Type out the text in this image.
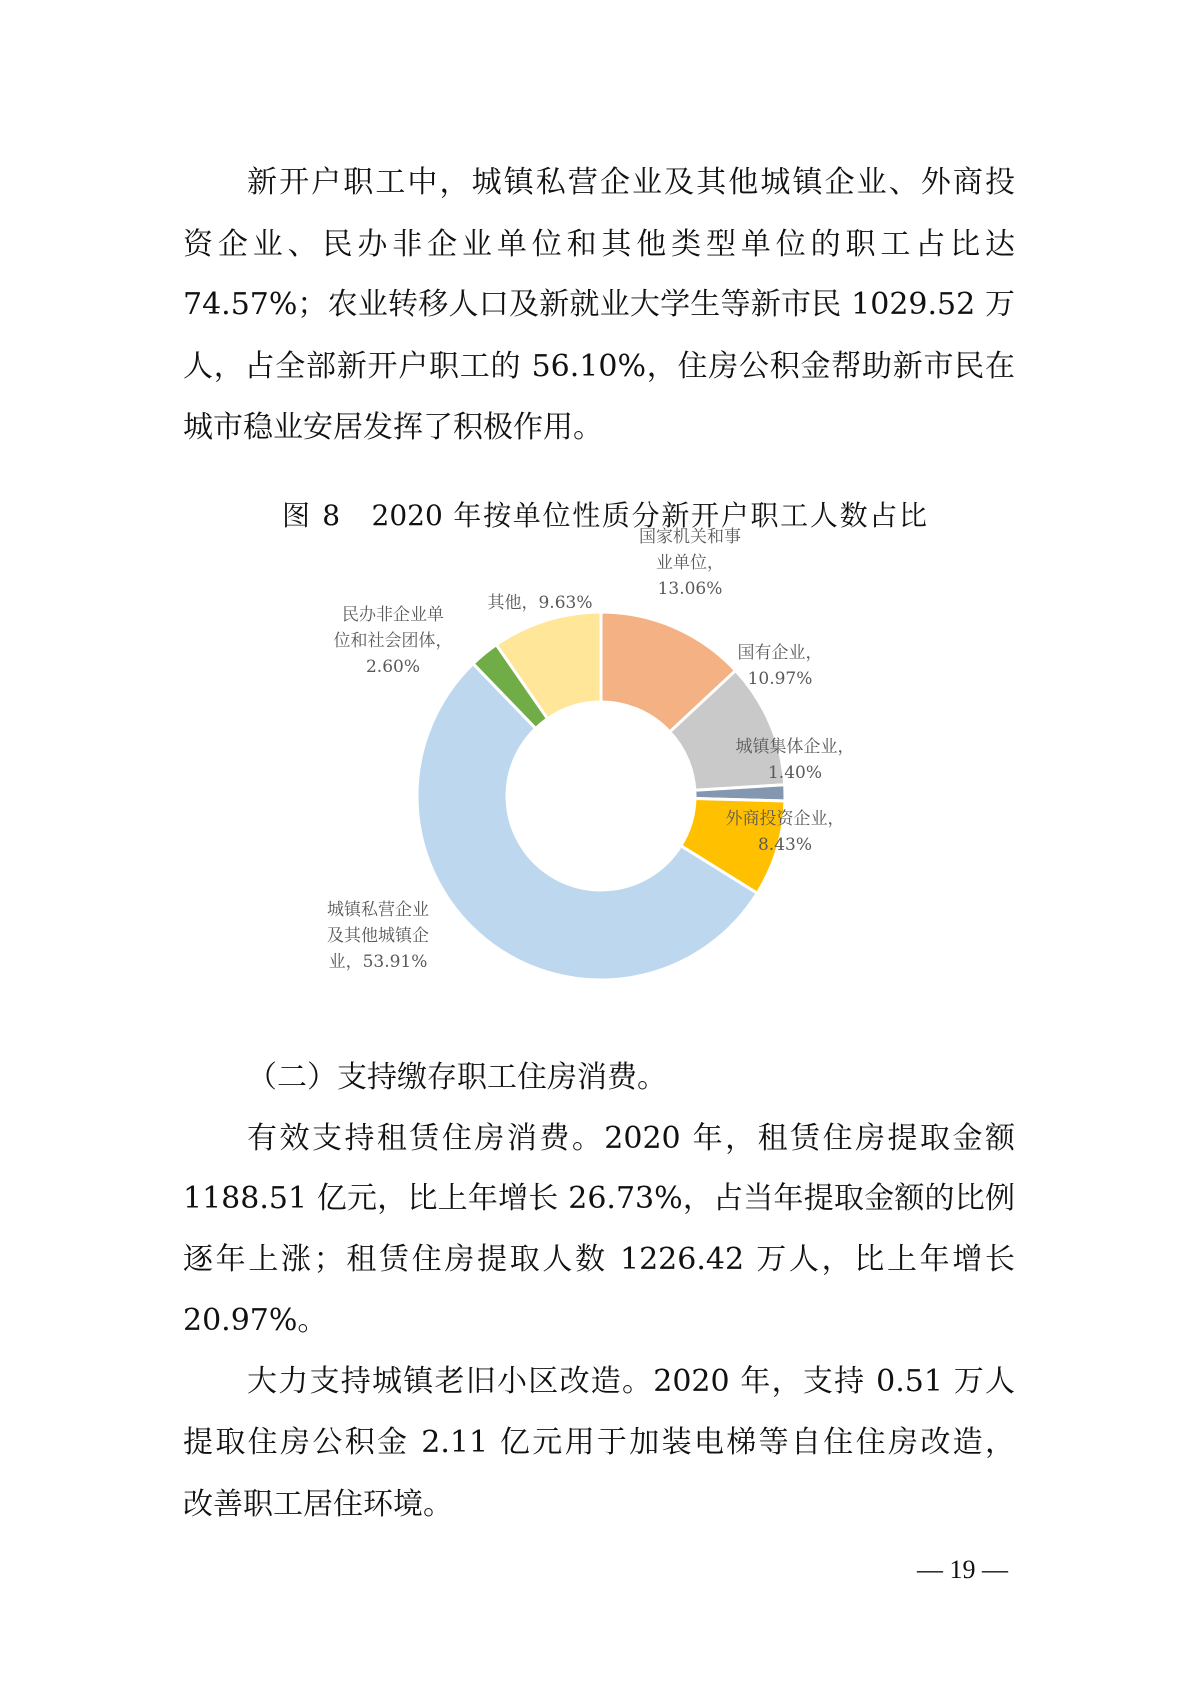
新开户职工中，城镇私营企业及其他城镇企业、外商投
资企业、民办非企业单位和其他类型单位的职工占比达
74.57%；农业转移人口及新就业大学生等新市民 1029.52 万
人，占全部新开户职工的 56.10%，住房公积金帮助新市民在
城市稳业安居发挥了积极作用。
图 8　2020 年按单位性质分新开户职工人数占比
国家机关和事
业单位，
13.06%
国有企业，
10.97%
城镇集体企业，
1.40%
外商投资企业，
8.43%
城镇私营企业
及其他城镇企
业，53.91%
民办非企业单
位和社会团体，
2.60%
其他，9.63%
（二）支持缴存职工住房消费。
有效支持租赁住房消费。2020 年，租赁住房提取金额
1188.51 亿元，比上年增长 26.73%，占当年提取金额的比例
逐年上涨；租赁住房提取人数 1226.42 万人，比上年增长
20.97%。
大力支持城镇老旧小区改造。2020 年，支持 0.51 万人
提取住房公积金 2.11 亿元用于加装电梯等自住住房改造，
改善职工居住环境。
— 19 —
